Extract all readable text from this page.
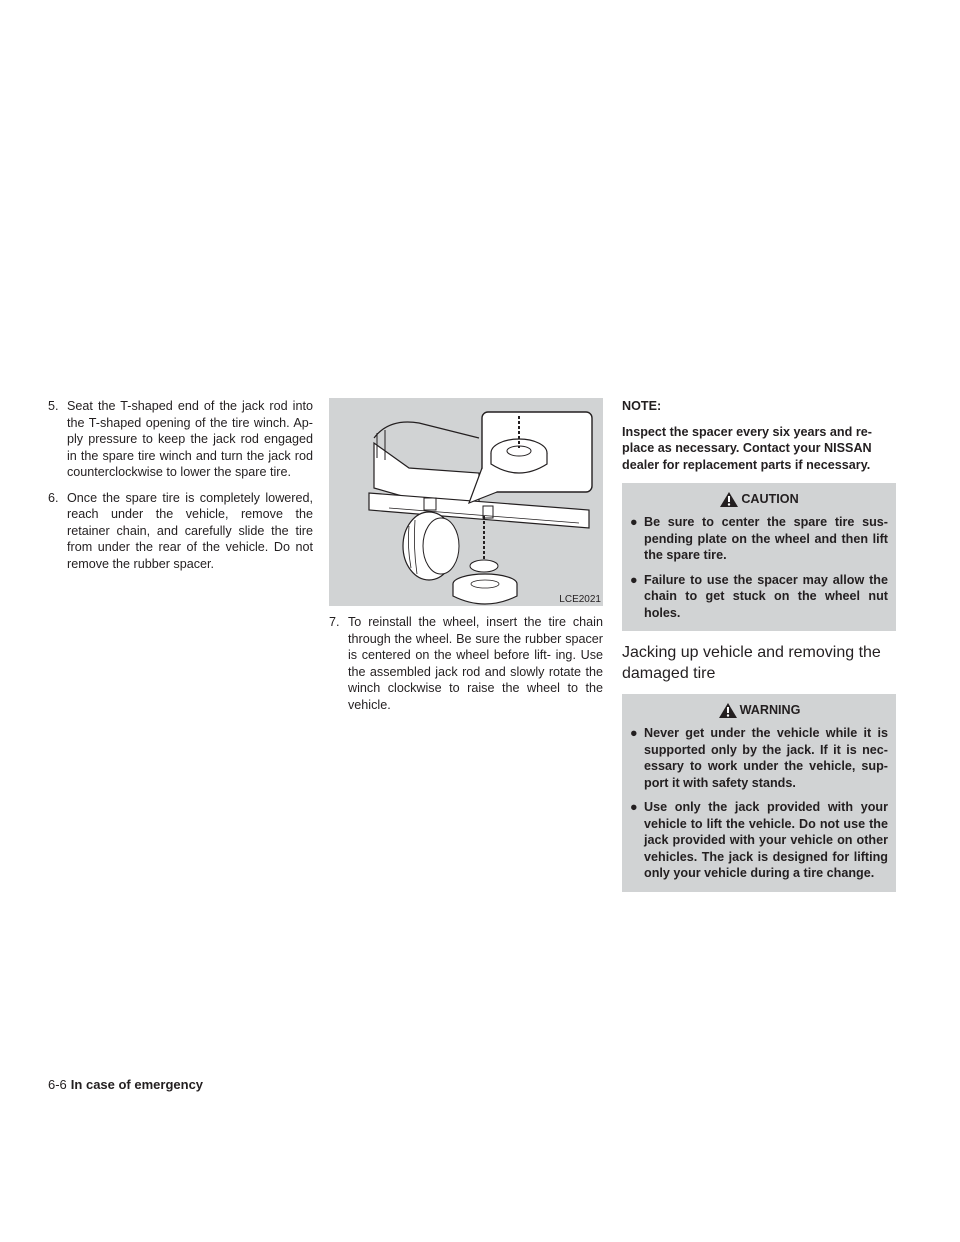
5. Seat the T-shaped end of the jack rod into the T-shaped opening of the tire winch. Ap- ply pressure to keep the jack rod engaged in the spare tire winch and turn the jack rod counterclockwise to lower the spare tire.
6. Once the spare tire is completely lowered, reach under the vehicle, remove the retainer chain, and carefully slide the tire from under the rear of the vehicle. Do not remove the rubber spacer.
LCE2021
7. To reinstall the wheel, insert the tire chain through the wheel. Be sure the rubber spacer is centered on the wheel before lift- ing. Use the assembled jack rod and slowly rotate the winch clockwise to raise the wheel to the vehicle.
NOTE:
Inspect the spacer every six years and re- place as necessary. Contact your NISSAN dealer for replacement parts if necessary.
CAUTION
● Be sure to center the spare tire sus- pending plate on the wheel and then lift the spare tire.
● Failure to use the spacer may allow the chain to get stuck on the wheel nut holes.
Jacking up vehicle and removing the damaged tire
WARNING
● Never get under the vehicle while it is supported only by the jack. If it is nec- essary to work under the vehicle, sup- port it with safety stands.
● Use only the jack provided with your vehicle to lift the vehicle. Do not use the jack provided with your vehicle on other vehicles. The jack is designed for lifting only your vehicle during a tire change.
6-6 In case of emergency
